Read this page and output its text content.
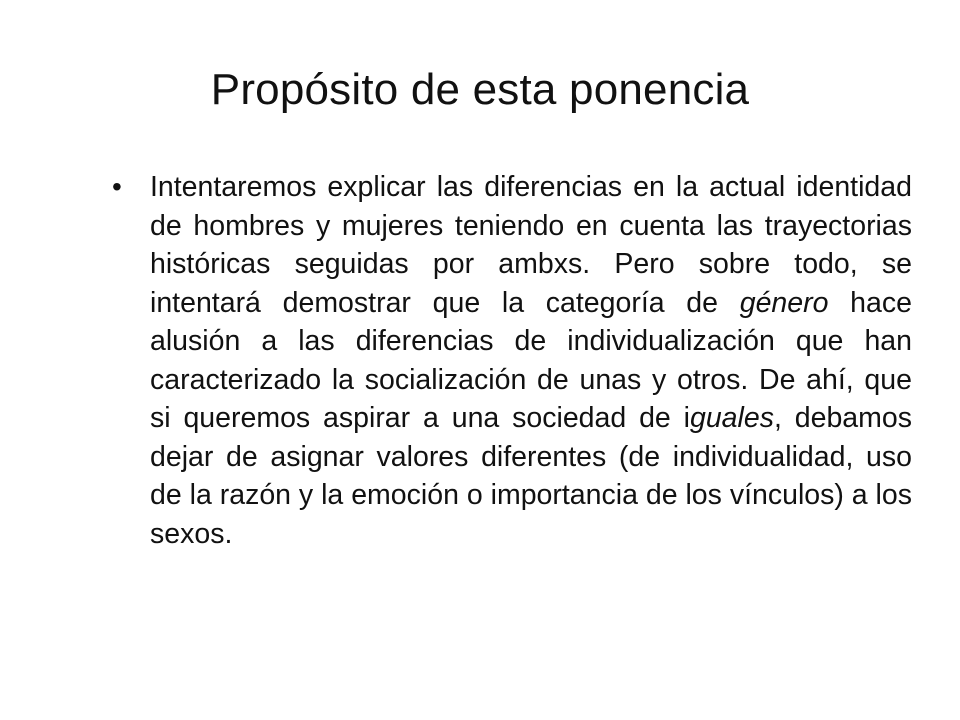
Propósito de esta ponencia
• Intentaremos explicar las diferencias en la actual identidad de hombres y mujeres teniendo en cuenta las trayectorias históricas seguidas por ambxs. Pero sobre todo, se intentará demostrar que la categoría de género hace alusión a las diferencias de individualización que han caracterizado la socialización de unas y otros. De ahí, que si queremos aspirar a una sociedad de iguales, debamos dejar de asignar valores diferentes (de individualidad, uso de la razón y la emoción o importancia de los vínculos) a los sexos.
